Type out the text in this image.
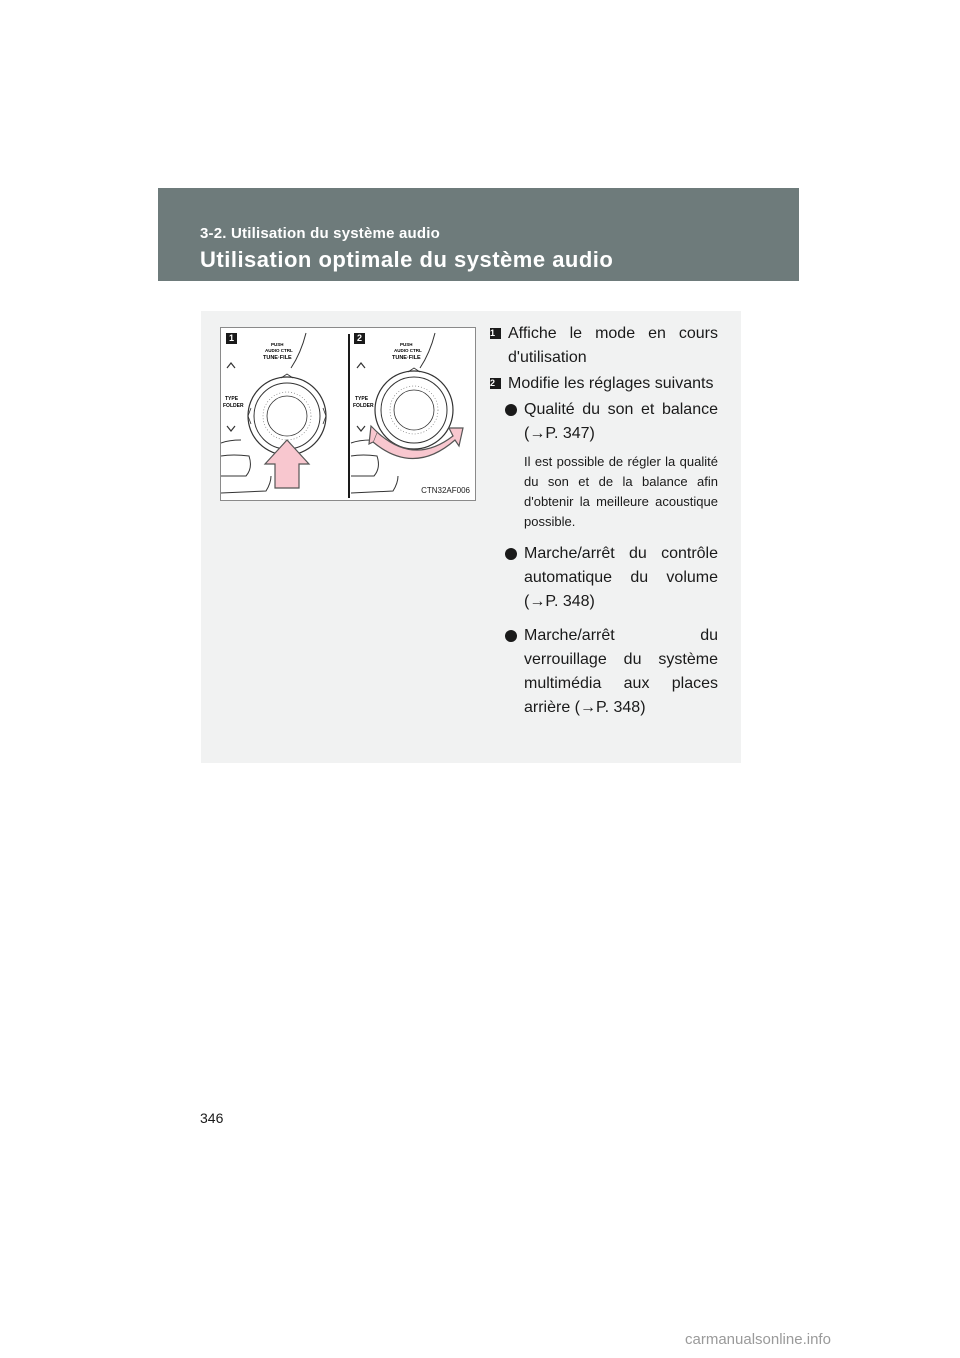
3-2. Utilisation du système audio
Utilisation optimale du système audio
PUSH
AUDIO CTRL
TUNE·FILE
TYPE
FOLDER
PUSH
AUDIO CTRL
TUNE·FILE
TYPE
FOLDER
1	2
CTN32AF006
1 Affiche le mode en cours d'utilisation
2 Modifie les réglages suivants
Qualité du son et balance (→P. 347)
Il est possible de régler la qualité du son et de la balance afin d'obtenir la meilleure acoustique possible.
Marche/arrêt du contrôle automatique du volume (→P. 348)
Marche/arrêt du verrouillage du système multimédia aux places arrière (→P. 348)
346
carmanualsonline.info
